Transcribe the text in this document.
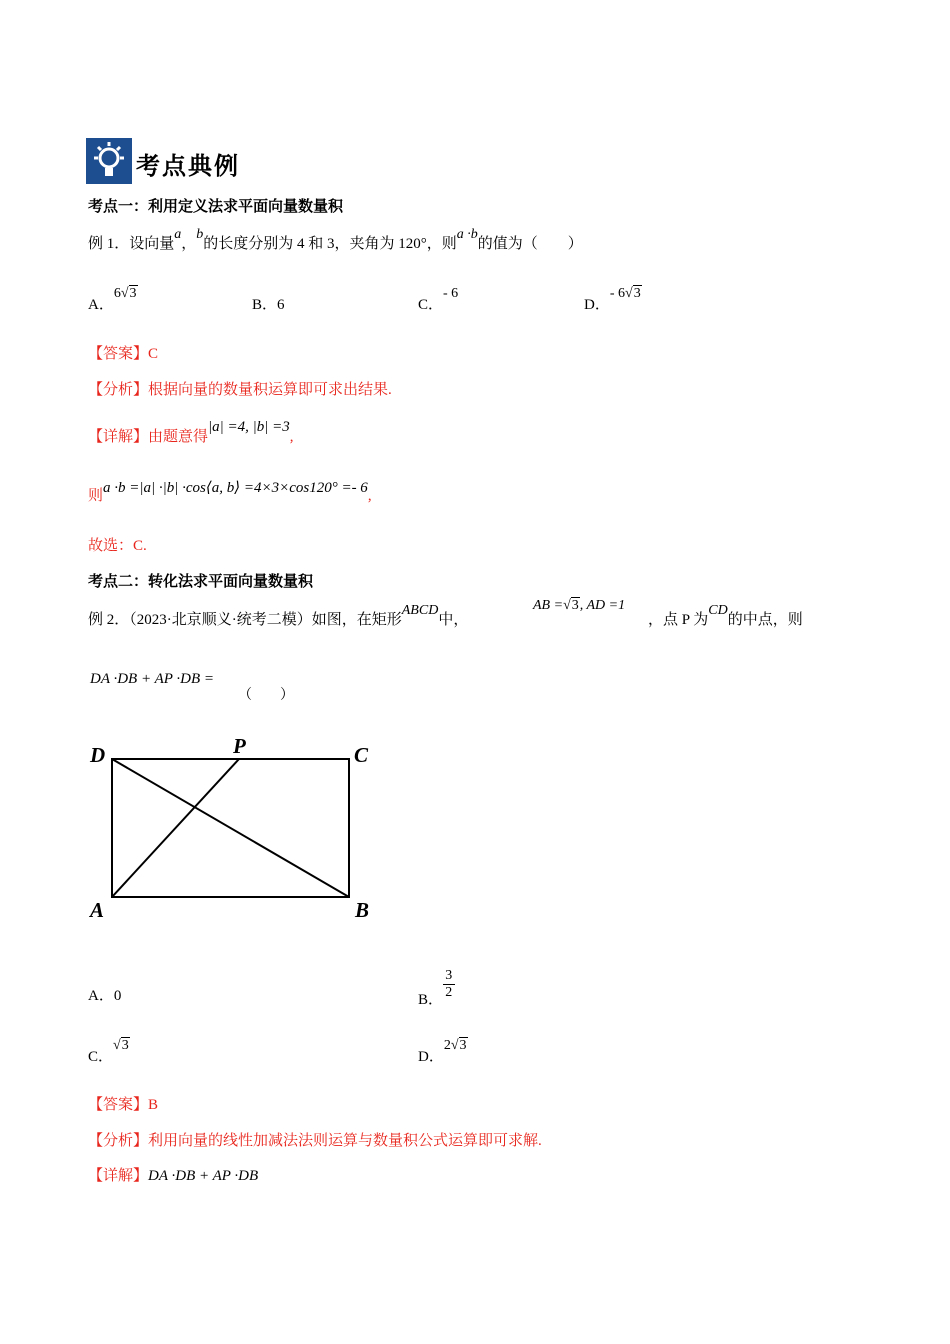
考点典例
考点一：利用定义法求平面向量数量积
例 1．设向量a，b的长度分别为 4 和 3，夹角为 120°，则a ·b的值为（　　）
A．6√3
B．6	C．- 6
D．- 6√3
【答案】C
【分析】根据向量的数量积运算即可求出结果.
【详解】由题意得|a| =4, |b| =3,
则a ·b =|a| ·|b| ·cos⟨a, b⟩ =4×3×cos120° =- 6,
故选：C.
考点二：转化法求平面向量数量积
例 2．（2023·北京顺义·统考二模）如图，在矩形ABCD中，
AB =√3, AD =1
，点 P 为CD的中点，则
DA ·DB + AP ·DB =
（　　）
D	P	C
A	B
A．0	B． $\frac{3}{2}$
C．√3
D．2√3
【答案】B
【分析】利用向量的线性加减法法则运算与数量积公式运算即可求解.
【详解】DA ·DB + AP ·DB
